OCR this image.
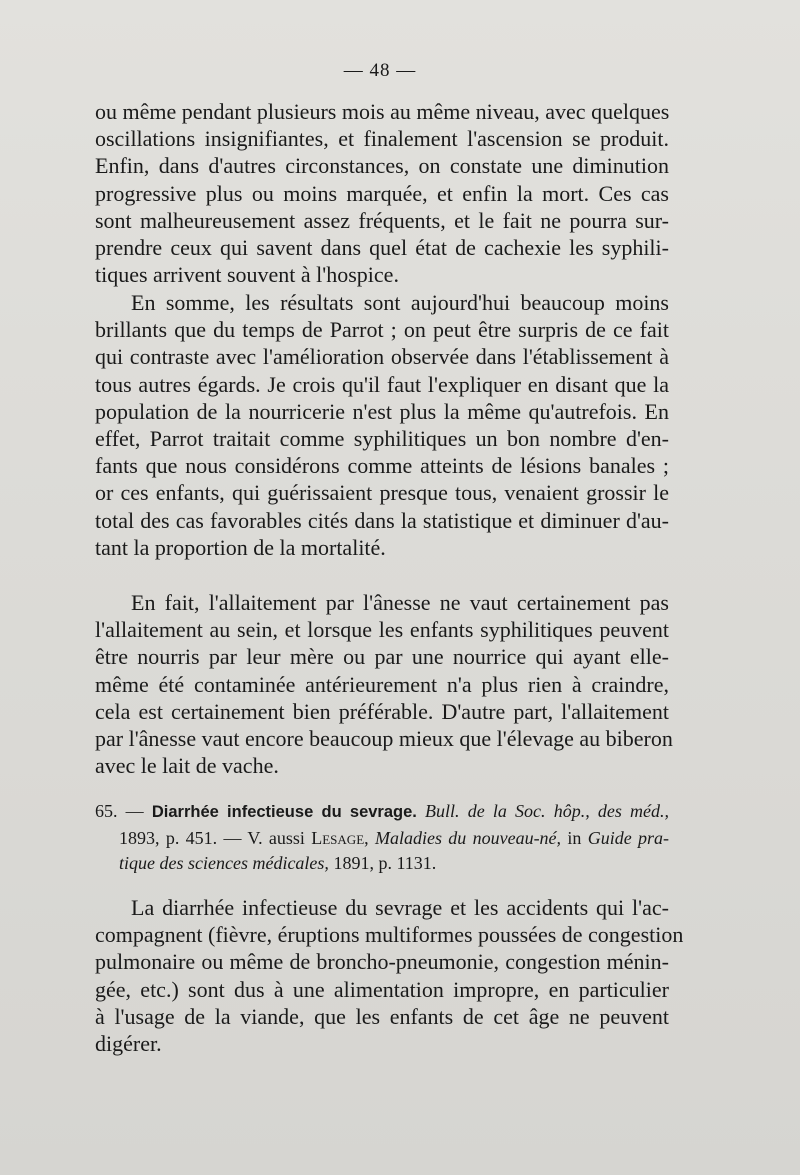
— 48 —
ou même pendant plusieurs mois au même niveau, avec quelques
oscillations insignifiantes, et finalement l'ascension se produit.
Enfin, dans d'autres circonstances, on constate une diminution
progressive plus ou moins marquée, et enfin la mort. Ces cas
sont malheureusement assez fréquents, et le fait ne pourra sur-
prendre ceux qui savent dans quel état de cachexie les syphili-
tiques arrivent souvent à l'hospice.
En somme, les résultats sont aujourd'hui beaucoup moins
brillants que du temps de Parrot ; on peut être surpris de ce fait
qui contraste avec l'amélioration observée dans l'établissement à
tous autres égards. Je crois qu'il faut l'expliquer en disant que la
population de la nourricerie n'est plus la même qu'autrefois. En
effet, Parrot traitait comme syphilitiques un bon nombre d'en-
fants que nous considérons comme atteints de lésions banales ;
or ces enfants, qui guérissaient presque tous, venaient grossir le
total des cas favorables cités dans la statistique et diminuer d'au-
tant la proportion de la mortalité.
En fait, l'allaitement par l'ânesse ne vaut certainement pas
l'allaitement au sein, et lorsque les enfants syphilitiques peuvent
être nourris par leur mère ou par une nourrice qui ayant elle-
même été contaminée antérieurement n'a plus rien à craindre,
cela est certainement bien préférable. D'autre part, l'allaitement
par l'ânesse vaut encore beaucoup mieux que l'élevage au biberon
avec le lait de vache.
65. — Diarrhée infectieuse du sevrage. Bull. de la Soc. hôp., des méd.,
1893, p. 451. — V. aussi Lesage, Maladies du nouveau-né, in Guide pra-
tique des sciences médicales, 1891, p. 1131.
La diarrhée infectieuse du sevrage et les accidents qui l'ac-
compagnent (fièvre, éruptions multiformes poussées de congestion
pulmonaire ou même de broncho-pneumonie, congestion ménin-
gée, etc.) sont dus à une alimentation impropre, en particulier
à l'usage de la viande, que les enfants de cet âge ne peuvent
digérer.
